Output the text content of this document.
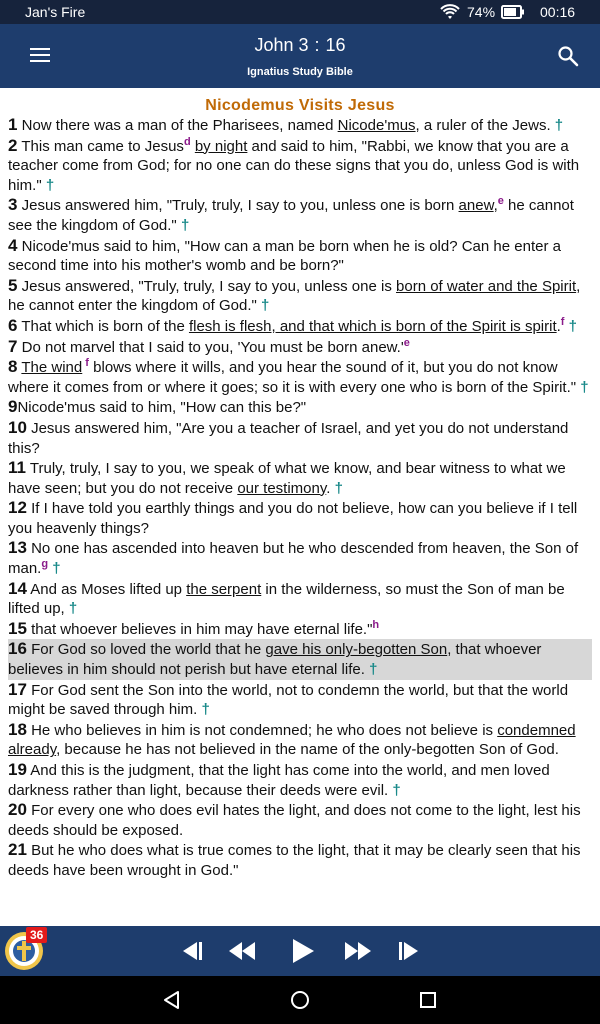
Jan's Fire	74%	00:16
John 3 : 16
Ignatius Study Bible
Nicodemus Visits Jesus
1 Now there was a man of the Pharisees, named Nicode'mus, a ruler of the Jews. †
2 This man came to Jesus$^d$ by night and said to him, "Rabbi, we know that you are a teacher come from God; for no one can do these signs that you do, unless God is with him." †
3 Jesus answered him, "Truly, truly, I say to you, unless one is born anew,$^e$ he cannot see the kingdom of God." †
4 Nicode'mus said to him, "How can a man be born when he is old? Can he enter a second time into his mother's womb and be born?"
5 Jesus answered, "Truly, truly, I say to you, unless one is born of water and the Spirit, he cannot enter the kingdom of God." †
6 That which is born of the flesh is flesh, and that which is born of the Spirit is spirit.$^f$ †
7 Do not marvel that I said to you, 'You must be born anew.'$^e$
8 The wind $^f$ blows where it wills, and you hear the sound of it, but you do not know where it comes from or where it goes; so it is with every one who is born of the Spirit." †
9Nicode'mus said to him, "How can this be?"
10 Jesus answered him, "Are you a teacher of Israel, and yet you do not understand this?
11 Truly, truly, I say to you, we speak of what we know, and bear witness to what we have seen; but you do not receive our testimony. †
12 If I have told you earthly things and you do not believe, how can you believe if I tell you heavenly things?
13 No one has ascended into heaven but he who descended from heaven, the Son of man.$^g$ †
14 And as Moses lifted up the serpent in the wilderness, so must the Son of man be lifted up, †
15 that whoever believes in him may have eternal life."$^h$
16 For God so loved the world that he gave his only-begotten Son, that whoever believes in him should not perish but have eternal life. †
17 For God sent the Son into the world, not to condemn the world, but that the world might be saved through him. †
18 He who believes in him is not condemned; he who does not believe is condemned already, because he has not believed in the name of the only-begotten Son of God.
19 And this is the judgment, that the light has come into the world, and men loved darkness rather than light, because their deeds were evil. †
20 For every one who does evil hates the light, and does not come to the light, lest his deeds should be exposed.
21 But he who does what is true comes to the light, that it may be clearly seen that his deeds have been wrought in God."
36
